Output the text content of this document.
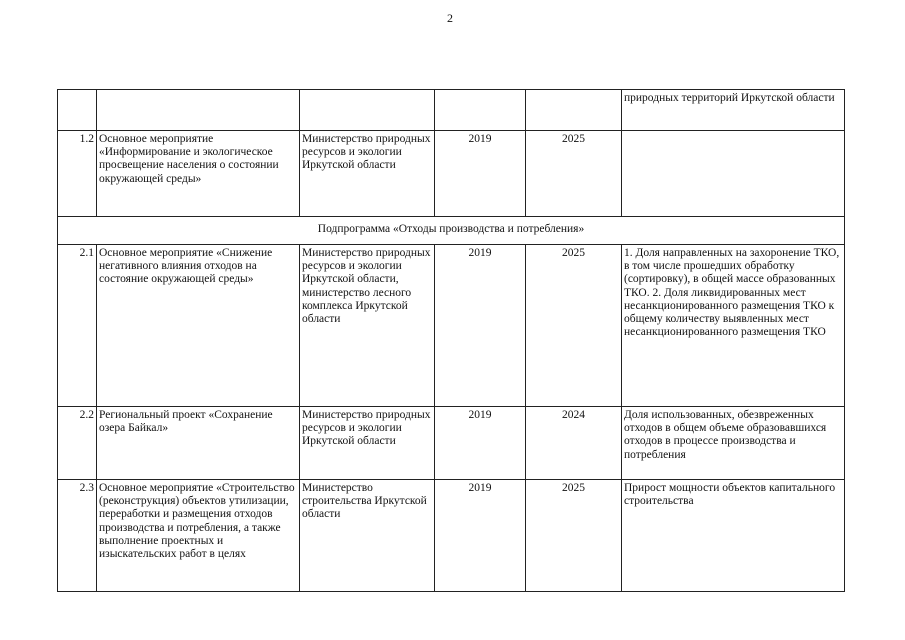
2
					природных территорий Иркутской области
1.2	Основное мероприятие «Информирование и экологическое просвещение населения о состоянии окружающей среды»	Министерство природных ресурсов и экологии Иркутской области	2019	2025	
Подпрограмма «Отходы производства и потребления»					
2.1	Основное мероприятие «Снижение негативного влияния отходов на состояние окружающей среды»	Министерство природных ресурсов и экологии Иркутской области, министерство лесного комплекса Иркутской области	2019	2025	1. Доля направленных на захоронение ТКО, в том числе прошедших обработку (сортировку), в общей массе образованных ТКО. 2. Доля ликвидированных мест несанкционированного размещения ТКО к общему количеству выявленных мест несанкционированного размещения ТКО
2.2	Региональный проект «Сохранение озера Байкал»	Министерство природных ресурсов и экологии Иркутской области	2019	2024	Доля использованных, обезвреженных отходов в общем объеме образовавшихся отходов в процессе производства и потребления
2.3	Основное мероприятие «Строительство (реконструкция) объектов утилизации, переработки и размещения отходов производства и потребления, а также выполнение проектных и изыскательских работ в целях	Министерство строительства Иркутской области	2019	2025	Прирост мощности объектов капитального строительства
